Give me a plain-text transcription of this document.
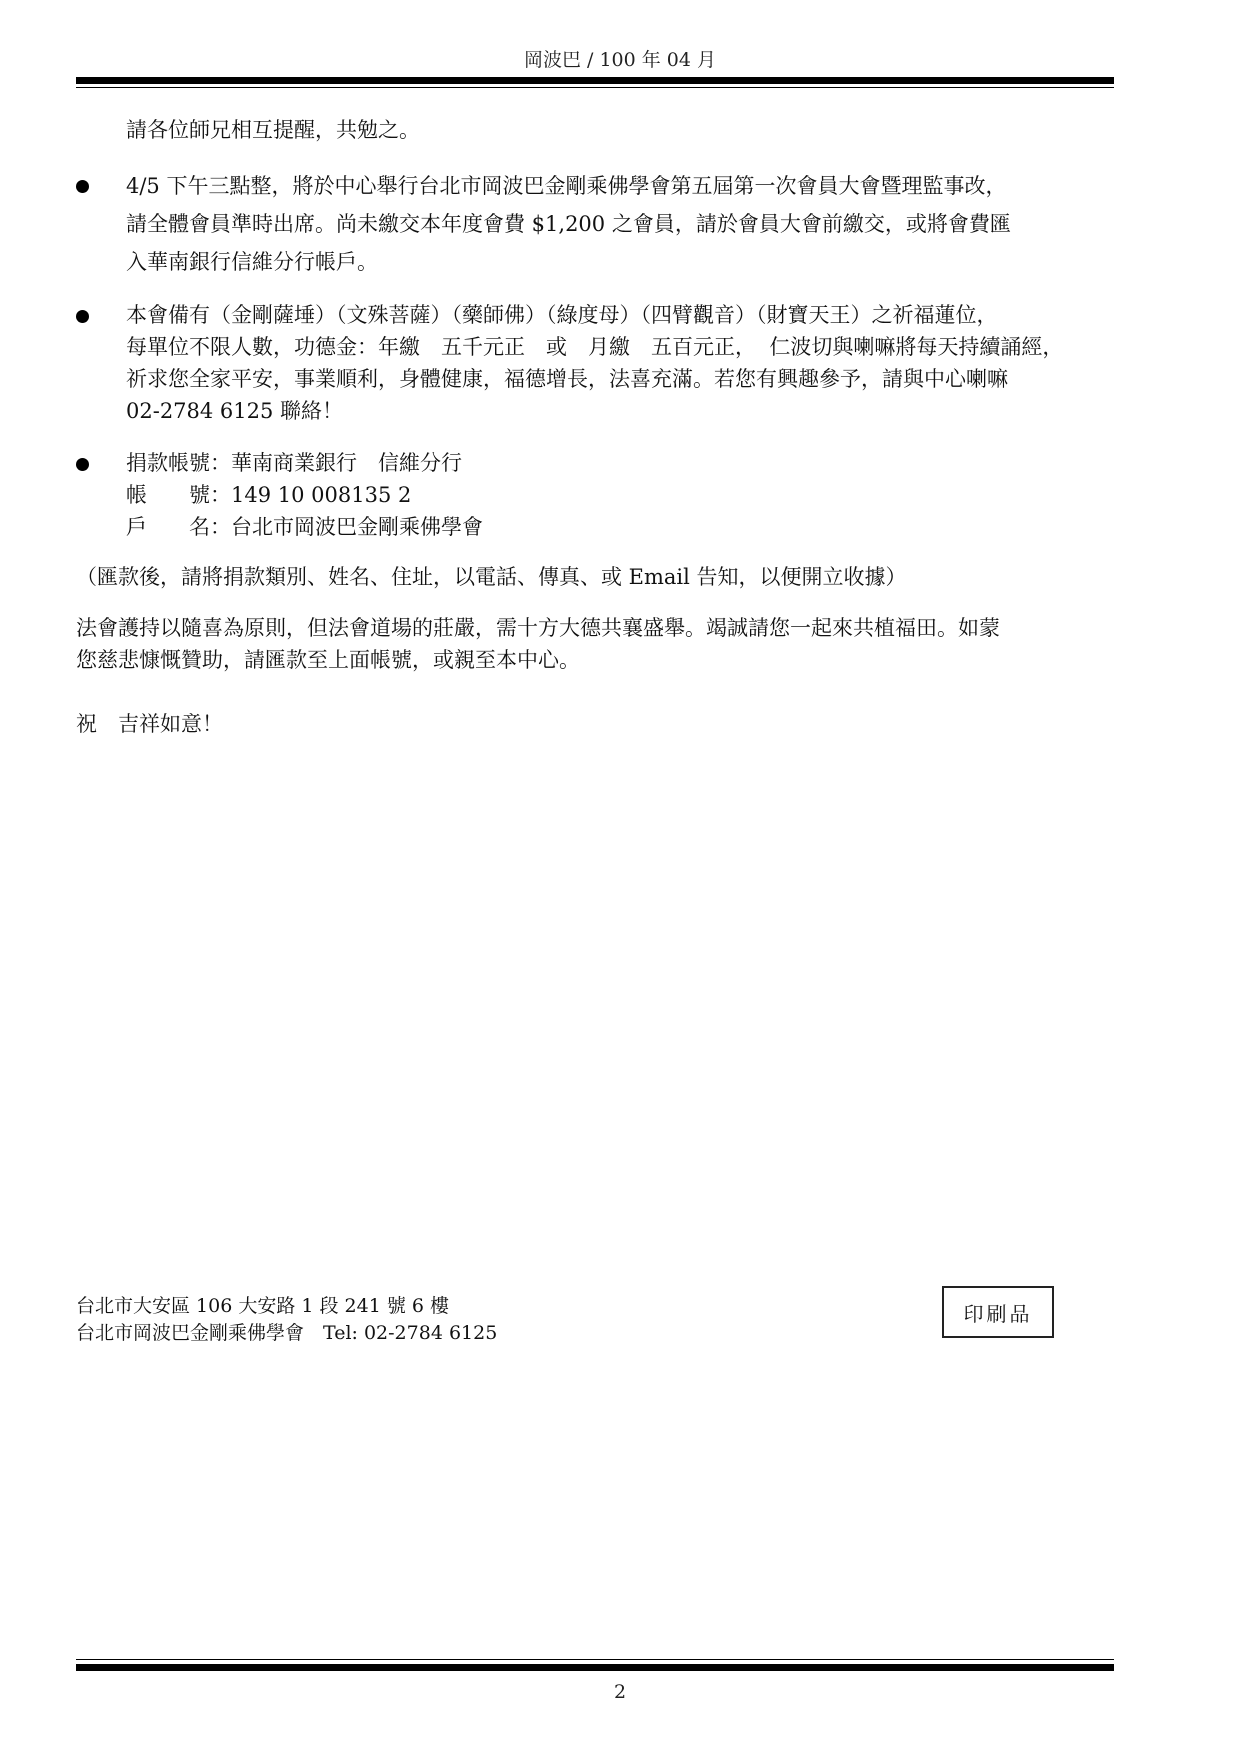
岡波巴 / 100 年 04 月
請各位師兄相互提醒，共勉之。
4/5 下午三點整，將於中心舉行台北市岡波巴金剛乘佛學會第五屆第一次會員大會暨理監事改，
請全體會員準時出席。尚未繳交本年度會費 $1,200 之會員，請於會員大會前繳交，或將會費匯
入華南銀行信維分行帳戶。
本會備有（金剛薩埵）（文殊菩薩）（藥師佛）（綠度母）（四臂觀音）（財寶天王）之祈福蓮位，
每單位不限人數，功德金：年繳　五千元正　或　月繳　五百元正，  仁波切與喇嘛將每天持續誦經，
祈求您全家平安，事業順利，身體健康，福德增長，法喜充滿。若您有興趣參予，請與中心喇嘛
02-2784 6125 聯絡！
捐款帳號：華南商業銀行　信維分行
帳　　號：149 10 008135 2
戶　　名：台北市岡波巴金剛乘佛學會
（匯款後，請將捐款類別、姓名、住址，以電話、傳真、或 Email 告知，以便開立收據）
法會護持以隨喜為原則，但法會道場的莊嚴，需十方大德共襄盛舉。竭誠請您一起來共植福田。如蒙
您慈悲慷慨贊助，請匯款至上面帳號，或親至本中心。
祝　吉祥如意！
台北市大安區 106 大安路 1 段 241 號 6 樓
台北市岡波巴金剛乘佛學會　Tel: 02-2784 6125
印刷品
2
